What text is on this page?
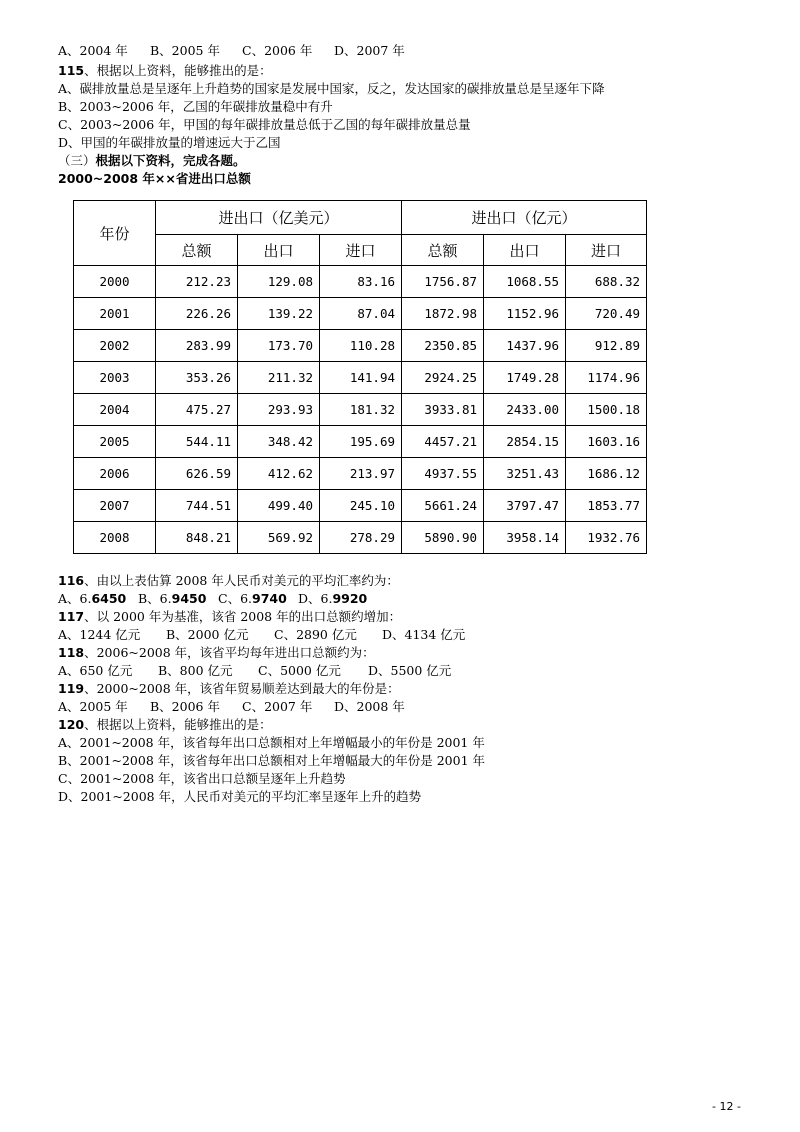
A、2004 年	B、2005 年	C、2006 年	D、2007 年
115、根据以上资料，能够推出的是：
A、碳排放量总是呈逐年上升趋势的国家是发展中国家，反之，发达国家的碳排放量总是呈逐年下降
B、2003~2006 年，乙国的年碳排放量稳中有升
C、2003~2006 年，甲国的每年碳排放量总低于乙国的每年碳排放量总量
D、甲国的年碳排放量的增速远大于乙国
（三）根据以下资料，完成各题。
2000~2008 年××省进出口总额
年份	进出口（亿美元）			进出口（亿元）		
	总额	出口	进口	总额	出口	进口
2000	212.23	129.08	83.16	1756.87	1068.55	688.32
2001	226.26	139.22	87.04	1872.98	1152.96	720.49
2002	283.99	173.70	110.28	2350.85	1437.96	912.89
2003	353.26	211.32	141.94	2924.25	1749.28	1174.96
2004	475.27	293.93	181.32	3933.81	2433.00	1500.18
2005	544.11	348.42	195.69	4457.21	2854.15	1603.16
2006	626.59	412.62	213.97	4937.55	3251.43	1686.12
2007	744.51	499.40	245.10	5661.24	3797.47	1853.77
2008	848.21	569.92	278.29	5890.90	3958.14	1932.76
116、由以上表估算 2008 年人民币对美元的平均汇率约为：
A、6.6450 B、6.9450 C、6.9740 D、6.9920
117、以 2000 年为基准，该省 2008 年的出口总额约增加：
A、1244 亿元	B、2000 亿元	C、2890 亿元	D、4134 亿元
118、2006~2008 年，该省平均每年进出口总额约为：
A、650 亿元	B、800 亿元	C、5000 亿元	D、5500 亿元
119、2000~2008 年，该省年贸易顺差达到最大的年份是：
A、2005 年	B、2006 年	C、2007 年	D、2008 年
120、根据以上资料，能够推出的是：
A、2001~2008 年，该省每年出口总额相对上年增幅最小的年份是 2001 年
B、2001~2008 年，该省每年出口总额相对上年增幅最大的年份是 2001 年
C、2001~2008 年，该省出口总额呈逐年上升趋势
D、2001~2008 年，人民币对美元的平均汇率呈逐年上升的趋势
- 12 -
